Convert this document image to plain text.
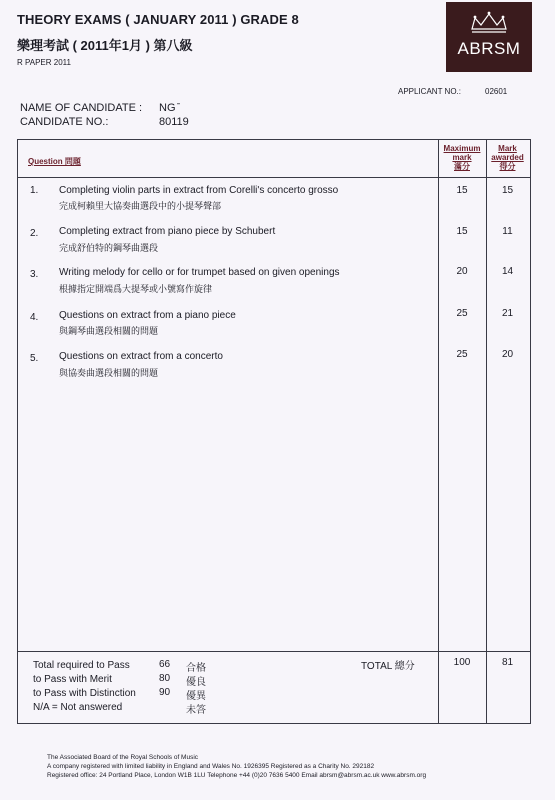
THEORY EXAMS ( JANUARY 2011 ) GRADE 8
樂理考試 ( 2011年1月 ) 第八級
R PAPER 2011
ABRSM
APPLICANT NO.:	02601
NAME OF CANDIDATE : NG ̄
CANDIDATE NO.:	80119
Question 問題
Maximum
mark
滿分
Mark
awarded
得分
1. Completing violin parts in extract from Corelli's concerto grosso
完成柯賴里大協奏曲選段中的小提琴聲部
15	15
2. Completing extract from piano piece by Schubert
完成舒伯特的鋼琴曲選段
15	11
3. Writing melody for cello or for trumpet based on given openings
根據指定開端爲大提琴或小號寫作旋律
20	14
4. Questions on extract from a piano piece
與鋼琴曲選段相關的問題
25	21
5. Questions on extract from a concerto
與協奏曲選段相關的問題
25	20
Total required to Pass	66 合格
to Pass with Merit	80 優良
to Pass with Distinction 90 優異
N/A = Not answered	未答
TOTAL 總分	100	81
The Associated Board of the Royal Schools of Music
A company registered with limited liability in England and Wales No. 1926395 Registered as a Charity No. 292182
Registered office: 24 Portland Place, London W1B 1LU Telephone +44 (0)20 7636 5400 Email abrsm@abrsm.ac.uk www.abrsm.org
